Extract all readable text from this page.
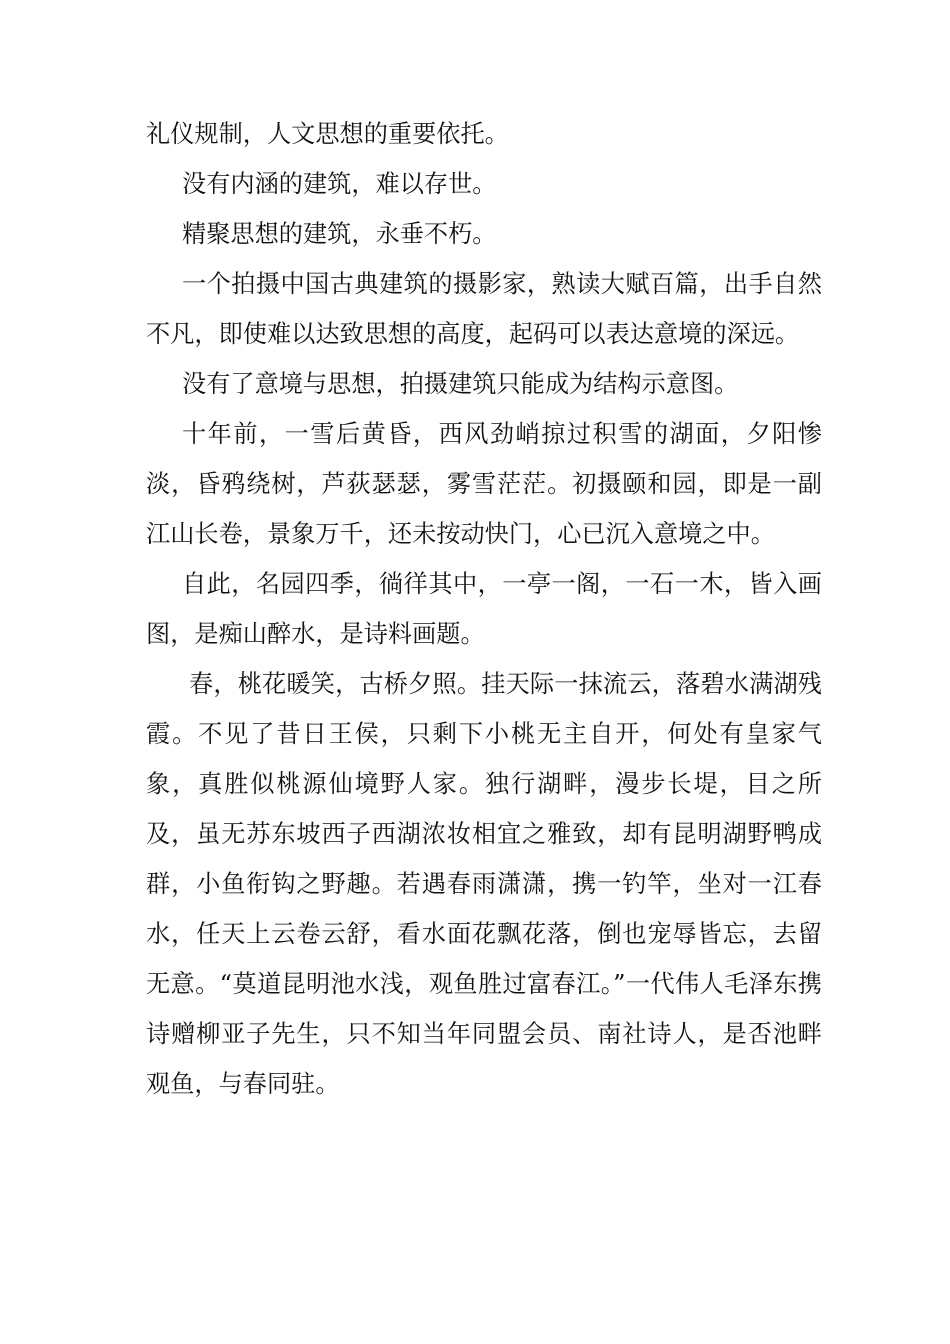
礼仪规制，人文思想的重要依托。

没有内涵的建筑，难以存世。

精聚思想的建筑，永垂不朽。

一个拍摄中国古典建筑的摄影家，熟读大赋百篇，出手自然不凡，即使难以达致思想的高度，起码可以表达意境的深远。

没有了意境与思想，拍摄建筑只能成为结构示意图。

十年前，一雪后黄昏，西风劲峭掠过积雪的湖面，夕阳惨淡，昏鸦绕树，芦荻瑟瑟，雾雪茫茫。初摄颐和园，即是一副江山长卷，景象万千，还未按动快门，心已沉入意境之中。

自此，名园四季，徜徉其中，一亭一阁，一石一木，皆入画图，是痴山醉水，是诗料画题。

春，桃花暖笑，古桥夕照。挂天际一抹流云，落碧水满湖残霞。不见了昔日王侯，只剩下小桃无主自开，何处有皇家气象，真胜似桃源仙境野人家。独行湖畔，漫步长堤，目之所及，虽无苏东坡西子西湖浓妆相宜之雅致，却有昆明湖野鸭成群，小鱼衔钩之野趣。若遇春雨潇潇，携一钓竿，坐对一江春水，任天上云卷云舒，看水面花飘花落，倒也宠辱皆忘，去留无意。“莫道昆明池水浅，观鱼胜过富春江。”一代伟人毛泽东携诗赠柳亚子先生，只不知当年同盟会员、南社诗人，是否池畔观鱼，与春同驻。
